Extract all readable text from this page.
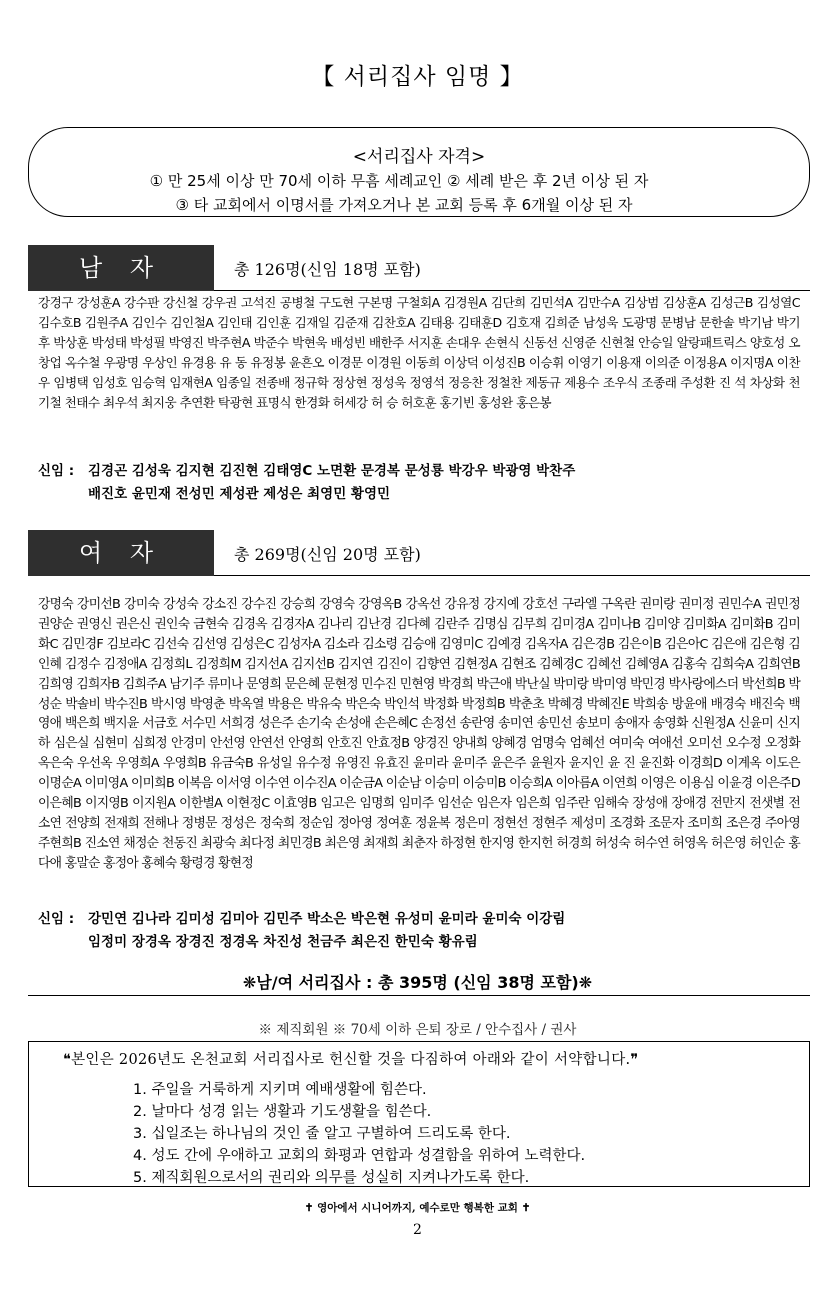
【 서리집사 임명 】
<서리집사 자격>
① 만 25세 이상 만 70세 이하 무흠 세례교인 ② 세례 받은 후 2년 이상 된 자
③ 타 교회에서 이명서를 가져오거나 본 교회 등록 후 6개월 이상 된 자
남 자	총 126명(신임 18명 포함)
강경구 강성훈A 강수판 강신철 강우권 고석진 공병철 구도현 구본명 구철회A 김경원A 김단희 김민석A 김만수A 김상범 김상훈A 김성근B 김성열C 김수호B 김원주A 김인수 김인철A 김인태 김인훈 김재일 김준재 김찬호A 김태용 김태훈D 김호재 김희준 남성욱 도광명 문병남 문한솔 박기남 박기후 박상훈 박성태 박성필 박영진 박주현A 박준수 박현욱 배성빈 배한주 서지훈 손대우 손현식 신동선 신영준 신현철 안승일 알랑패트릭스 양호성 오창업 옥수철 우광명 우상인 유경용 유 동 유정봉 윤흔오 이경문 이경원 이동희 이상덕 이성진B 이승휘 이영기 이용재 이의준 이정용A 이지명A 이찬우 임병택 임성호 임승혁 임재현A 임종일 전종배 정규학 정상현 정성욱 정영석 정응찬 정철찬 제동규 제용수 조우식 조종래 주성환 진 석 차상화 천기철 천태수 최우석 최지웅 추연환 탁광현 표명식 한경화 허세강 허 승 허호훈 홍기빈 홍성완 홍은봉
신임 : 김경곤 김성욱 김지현 김진현 김태영C 노면환 문경복 문성룡 박강우 박광영 박찬주
배진호 윤민재 전성민 제성관 제성은 최영민 황영민
여 자	총 269명(신임 20명 포함)
강명숙 강미선B 강미숙 강성숙 강소진 강수진 강승희 강영숙 강영옥B 강옥선 강유정 강지예 강호선 구라엘 구옥란 권미랑 권미정 권민수A 권민정 권양순 권영신 권은신 권인숙 금현숙 김경옥 김경자A 김나리 김난경 김다혜 김란주 김명심 김무희 김미경A 김미나B 김미양 김미화A 김미화B 김미화C 김민경F 김보라C 김선숙 김선영 김성은C 김성자A 김소라 김소령 김승애 김영미C 김예경 김옥자A 김은경B 김은이B 김은아C 김은애 김은형 김인혜 김정수 김정애A 김정희L 김정희M 김지선A 김지선B 김지연 김진이 김향연 김현정A 김현조 김혜경C 김혜선 김혜영A 김홍숙 김희숙A 김희연B 김희영 김희자B 김희주A 남기주 류미나 문영희 문은혜 문현정 민수진 민현영 박경희 박근애 박난실 박미랑 박미영 박민경 박사랑에스더 박선희B 박성순 박솔비 박수진B 박시영 박영춘 박옥열 박용은 박유숙 박은숙 박인석 박정화 박정희B 박춘초 박혜경 박혜진E 박희송 방윤애 배경숙 배진숙 백영애 백은희 백지윤 서금호 서수민 서희경 성은주 손기숙 손성애 손은혜C 손정선 송란영 송미연 송민선 송보미 송애자 송영화 신원정A 신윤미 신지하 심은실 심현미 심희정 안경미 안선영 안연선 안영희 안호진 안효정B 양경진 양내희 양혜경 엄명숙 엄혜선 여미숙 여애선 오미선 오수정 오정화 옥은숙 우선옥 우영희A 우영희B 유금숙B 유성일 유수정 유영진 유효진 윤미라 윤미주 윤은주 윤원자 윤지인 윤 진 윤진화 이경희D 이계옥 이도은 이명순A 이미영A 이미희B 이복음 이서영 이수연 이수진A 이순금A 이순남 이승미 이승미B 이승희A 이아름A 이연희 이영은 이용심 이윤경 이은주D 이은혜B 이지영B 이지원A 이한별A 이현정C 이효영B 임고은 임명희 임미주 임선순 임은자 임은희 임주란 임해숙 장성애 장애경 전만지 전샛별 전소연 전양희 전재희 전해나 정병문 정성은 정숙희 정순임 정아영 정여훈 정윤복 정은미 정현선 정현주 제성미 조경화 조문자 조미희 조은경 주아영 주현희B 진소연 채정순 천동진 최광숙 최다정 최민경B 최은영 최재희 최춘자 하정현 한지영 한지헌 허경희 허성숙 허수연 허영옥 허은영 허인순 홍다애 홍말순 홍정아 홍혜숙 황령경 황현정
신임 : 강민연 김나라 김미성 김미아 김민주 박소은 박은현 유성미 윤미라 윤미숙 이강림
임정미 장경옥 장경진 정경옥 차진성 천금주 최은진 한민숙 황유림
❋남/여 서리집사 : 총 395명 (신임 38명 포함)❋
※ 제직회원 ※ 70세 이하 은퇴 장로 / 안수집사 / 권사
❝본인은 2026년도 온천교회 서리집사로 헌신할 것을 다짐하여 아래와 같이 서약합니다.❞
1. 주일을 거룩하게 지키며 예배생활에 힘쓴다.
2. 날마다 성경 읽는 생활과 기도생활을 힘쓴다.
3. 십일조는 하나님의 것인 줄 알고 구별하여 드리도록 한다.
4. 성도 간에 우애하고 교회의 화평과 연합과 성결함을 위하여 노력한다.
5. 제직회원으로서의 권리와 의무를 성실히 지켜나가도록 한다.
✝ 영아에서 시니어까지, 예수로만 행복한 교회 ✝
2
